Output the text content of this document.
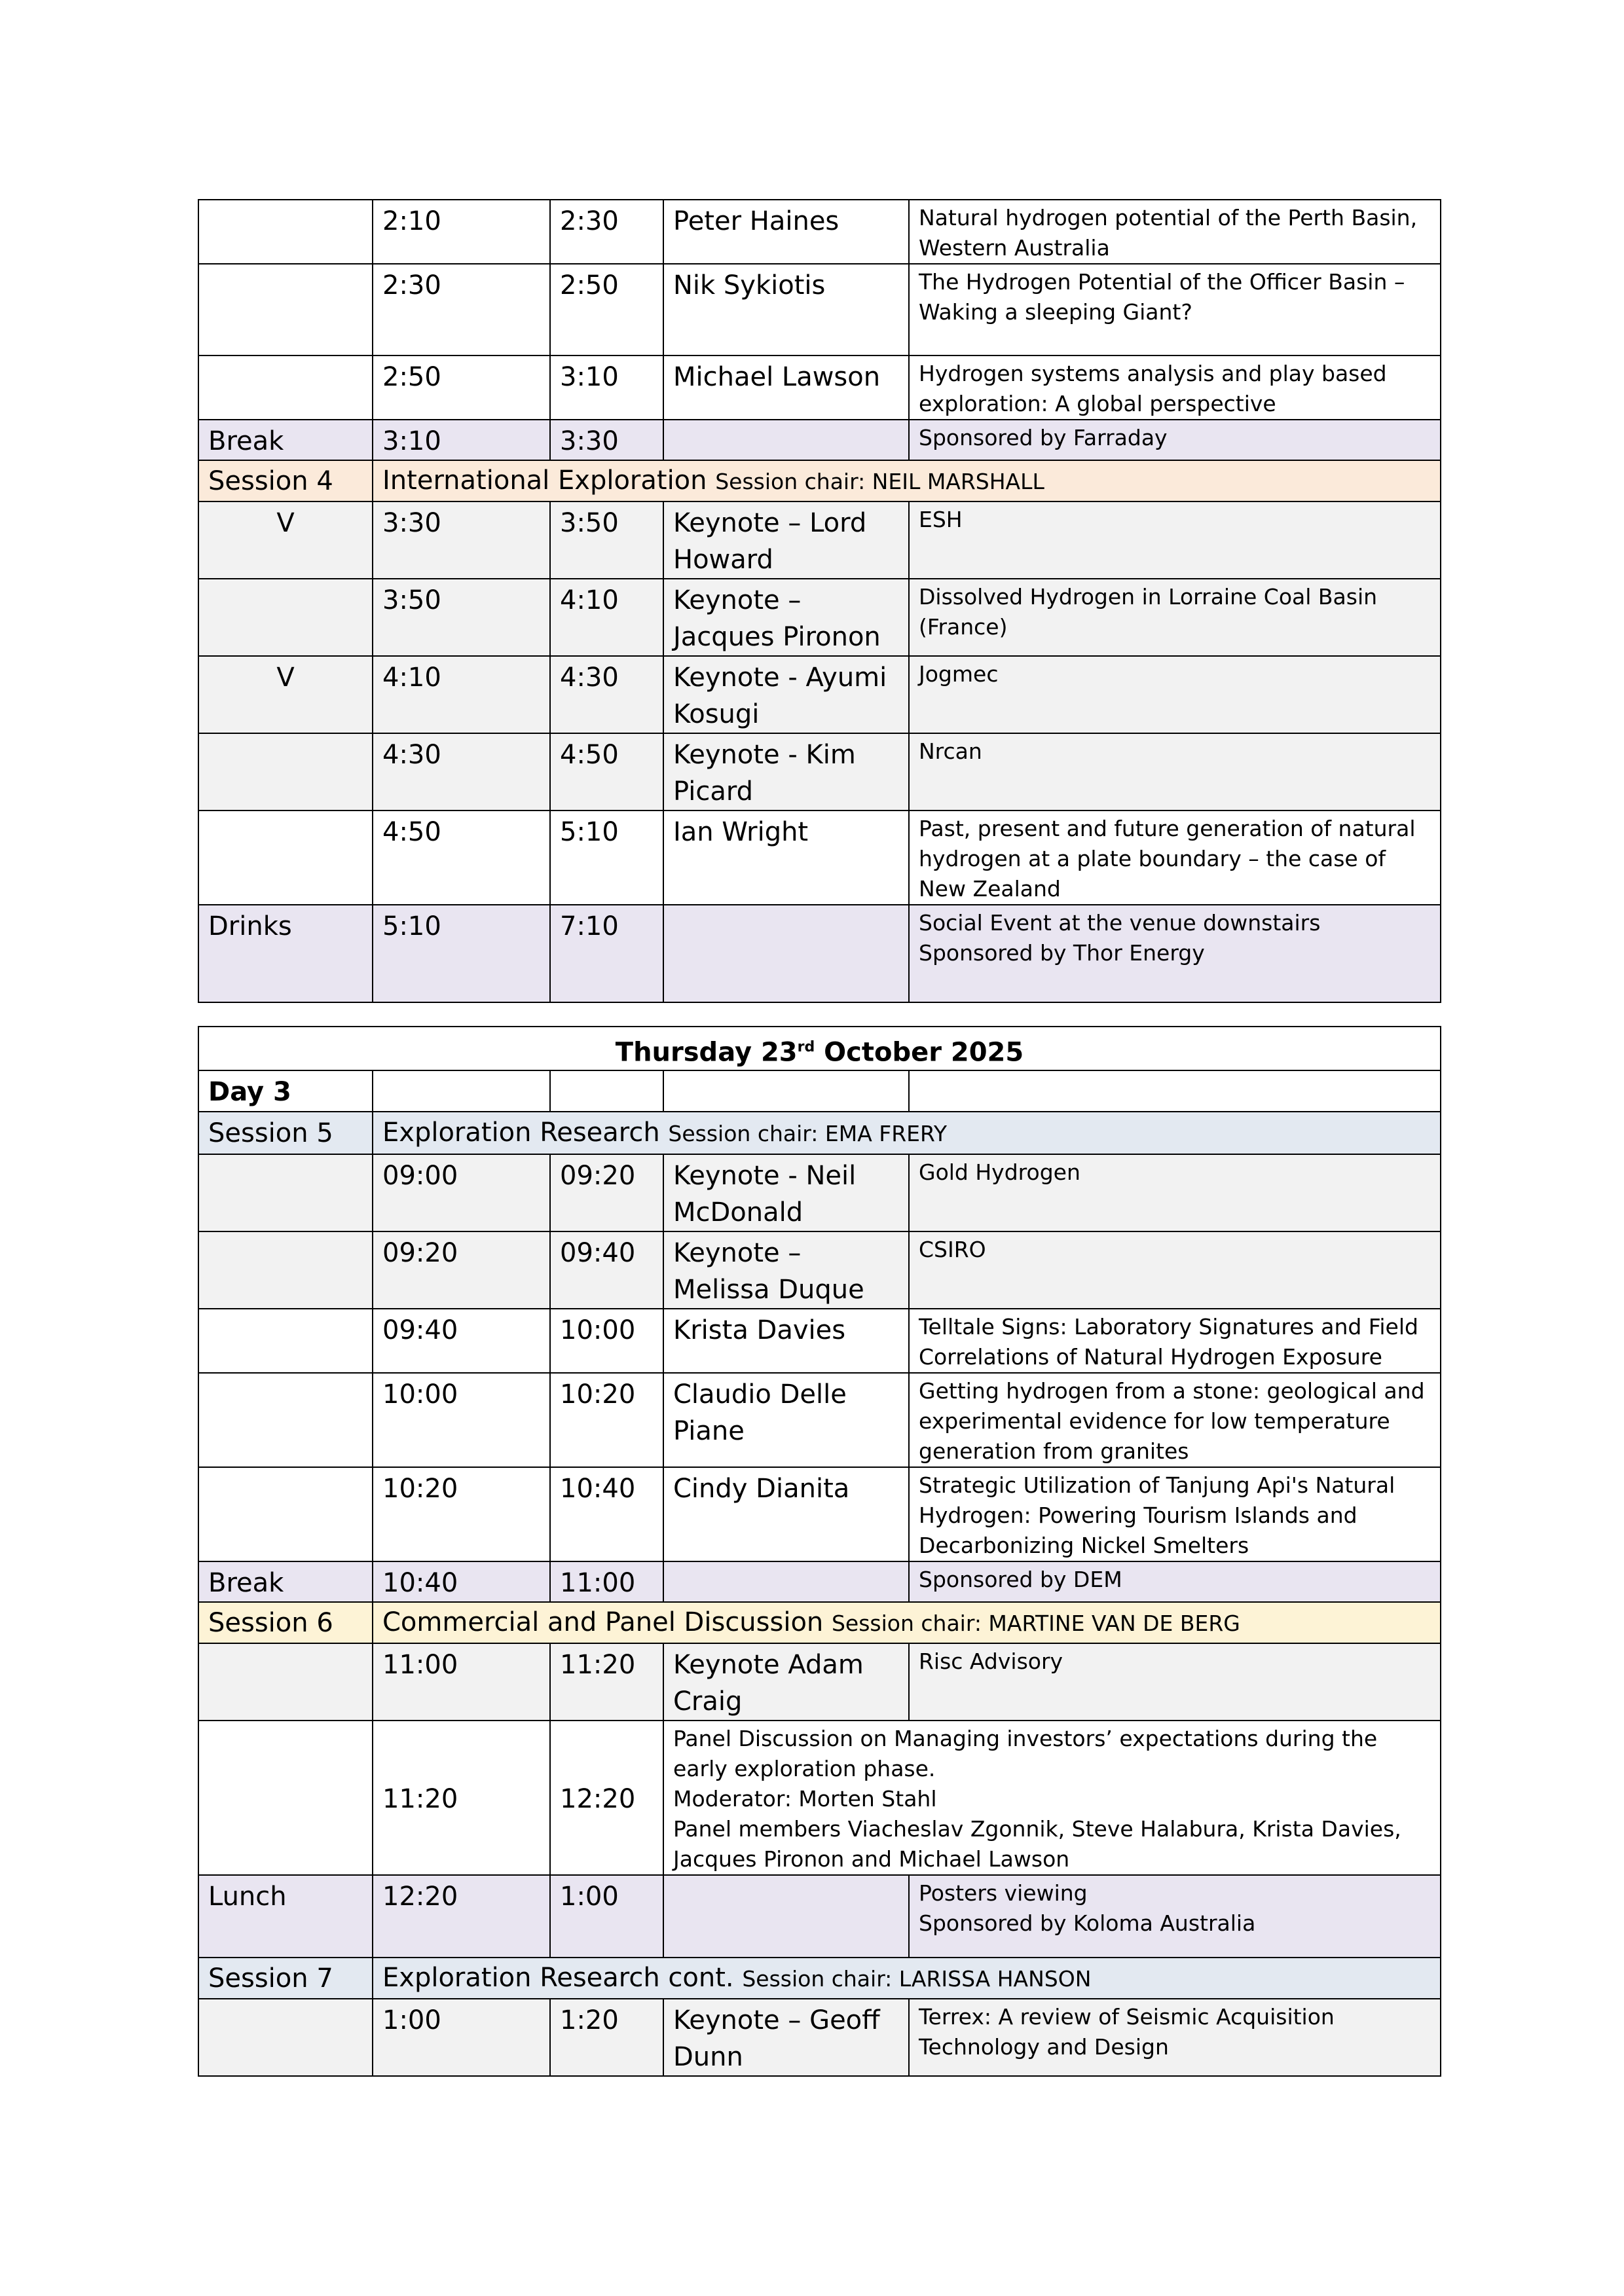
	2:10	2:30	Peter Haines	Natural hydrogen potential of the Perth Basin, Western Australia
	2:30	2:50	Nik Sykiotis	The Hydrogen Potential of the Officer Basin – Waking a sleeping Giant?
	2:50	3:10	Michael Lawson	Hydrogen systems analysis and play based exploration: A global perspective
Break	3:10	3:30		Sponsored by Farraday
Session 4	International Exploration Session chair: NEIL MARSHALL			
V	3:30	3:50	Keynote – Lord Howard	ESH
	3:50	4:10	Keynote – Jacques Pironon	Dissolved Hydrogen in Lorraine Coal Basin (France)
V	4:10	4:30	Keynote - Ayumi Kosugi	Jogmec
	4:30	4:50	Keynote - Kim Picard	Nrcan
	4:50	5:10	Ian Wright	Past, present and future generation of natural hydrogen at a plate boundary – the case of New Zealand
Drinks	5:10	7:10		Social Event at the venue downstairs
Sponsored by Thor Energy
Thursday 23rd October 2025				
Day 3				
Session 5	Exploration Research Session chair: EMA FRERY			
	09:00	09:20	Keynote - Neil McDonald	Gold Hydrogen
	09:20	09:40	Keynote – Melissa Duque	CSIRO
	09:40	10:00	Krista Davies	Telltale Signs: Laboratory Signatures and Field Correlations of Natural Hydrogen Exposure
	10:00	10:20	Claudio Delle Piane	Getting hydrogen from a stone: geological and experimental evidence for low temperature generation from granites
	10:20	10:40	Cindy Dianita	Strategic Utilization of Tanjung Api's Natural Hydrogen: Powering Tourism Islands and Decarbonizing Nickel Smelters
Break	10:40	11:00		Sponsored by DEM
Session 6	Commercial and Panel Discussion Session chair: MARTINE VAN DE BERG			
	11:00	11:20	Keynote Adam Craig	Risc Advisory
	11:20	12:20	Panel Discussion on Managing investors’ expectations during the early exploration phase.
Moderator: Morten Stahl
Panel members Viacheslav Zgonnik, Steve Halabura, Krista Davies, Jacques Pironon and Michael Lawson	
Lunch	12:20	1:00		Posters viewing
Sponsored by Koloma Australia
Session 7	Exploration Research cont. Session chair: LARISSA HANSON			
	1:00	1:20	Keynote – Geoff Dunn	Terrex: A review of Seismic Acquisition Technology and Design
